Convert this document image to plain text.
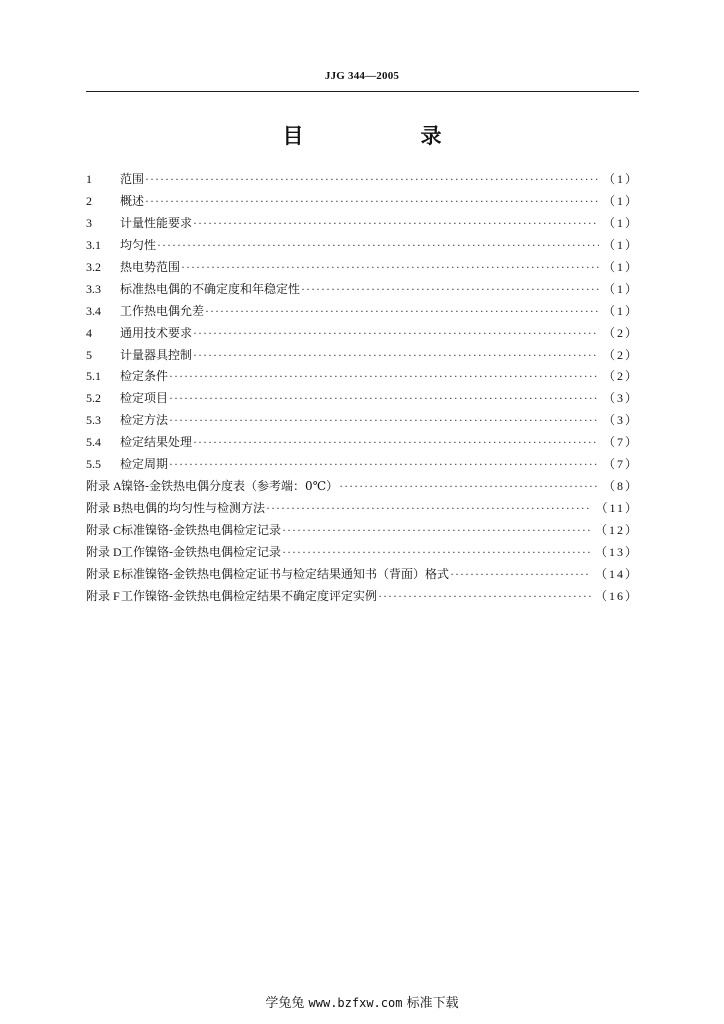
JJG 344—2005
目　录
1	范围 ·····	（1）
2	概述 ·····	（1）
3	计量性能要求 ·····	（1）
3.1	均匀性 ·····	（1）
3.2	热电势范围 ·····	（1）
3.3	标准热电偶的不确定度和年稳定性 ·····	（1）
3.4	工作热电偶允差 ·····	（1）
4	通用技术要求 ·····	（2）
5	计量器具控制 ·····	（2）
5.1	检定条件 ·····	（2）
5.2	检定项目 ·····	（3）
5.3	检定方法 ·····	（3）
5.4	检定结果处理 ·····	（7）
5.5	检定周期 ·····	（7）
附录 A 镍铬-金铁热电偶分度表（参考端：0℃） ·····	（8）
附录 B 热电偶的均匀性与检测方法 ·····	（11）
附录 C 标准镍铬-金铁热电偶检定记录 ·····	（12）
附录 D 工作镍铬-金铁热电偶检定记录 ·····	（13）
附录 E 标准镍铬-金铁热电偶检定证书与检定结果通知书（背面）格式 ·····	（14）
附录 F 工作镍铬-金铁热电偶检定结果不确定度评定实例 ·····	（16）
学兔兔 www.bzfxw.com 标准下载
